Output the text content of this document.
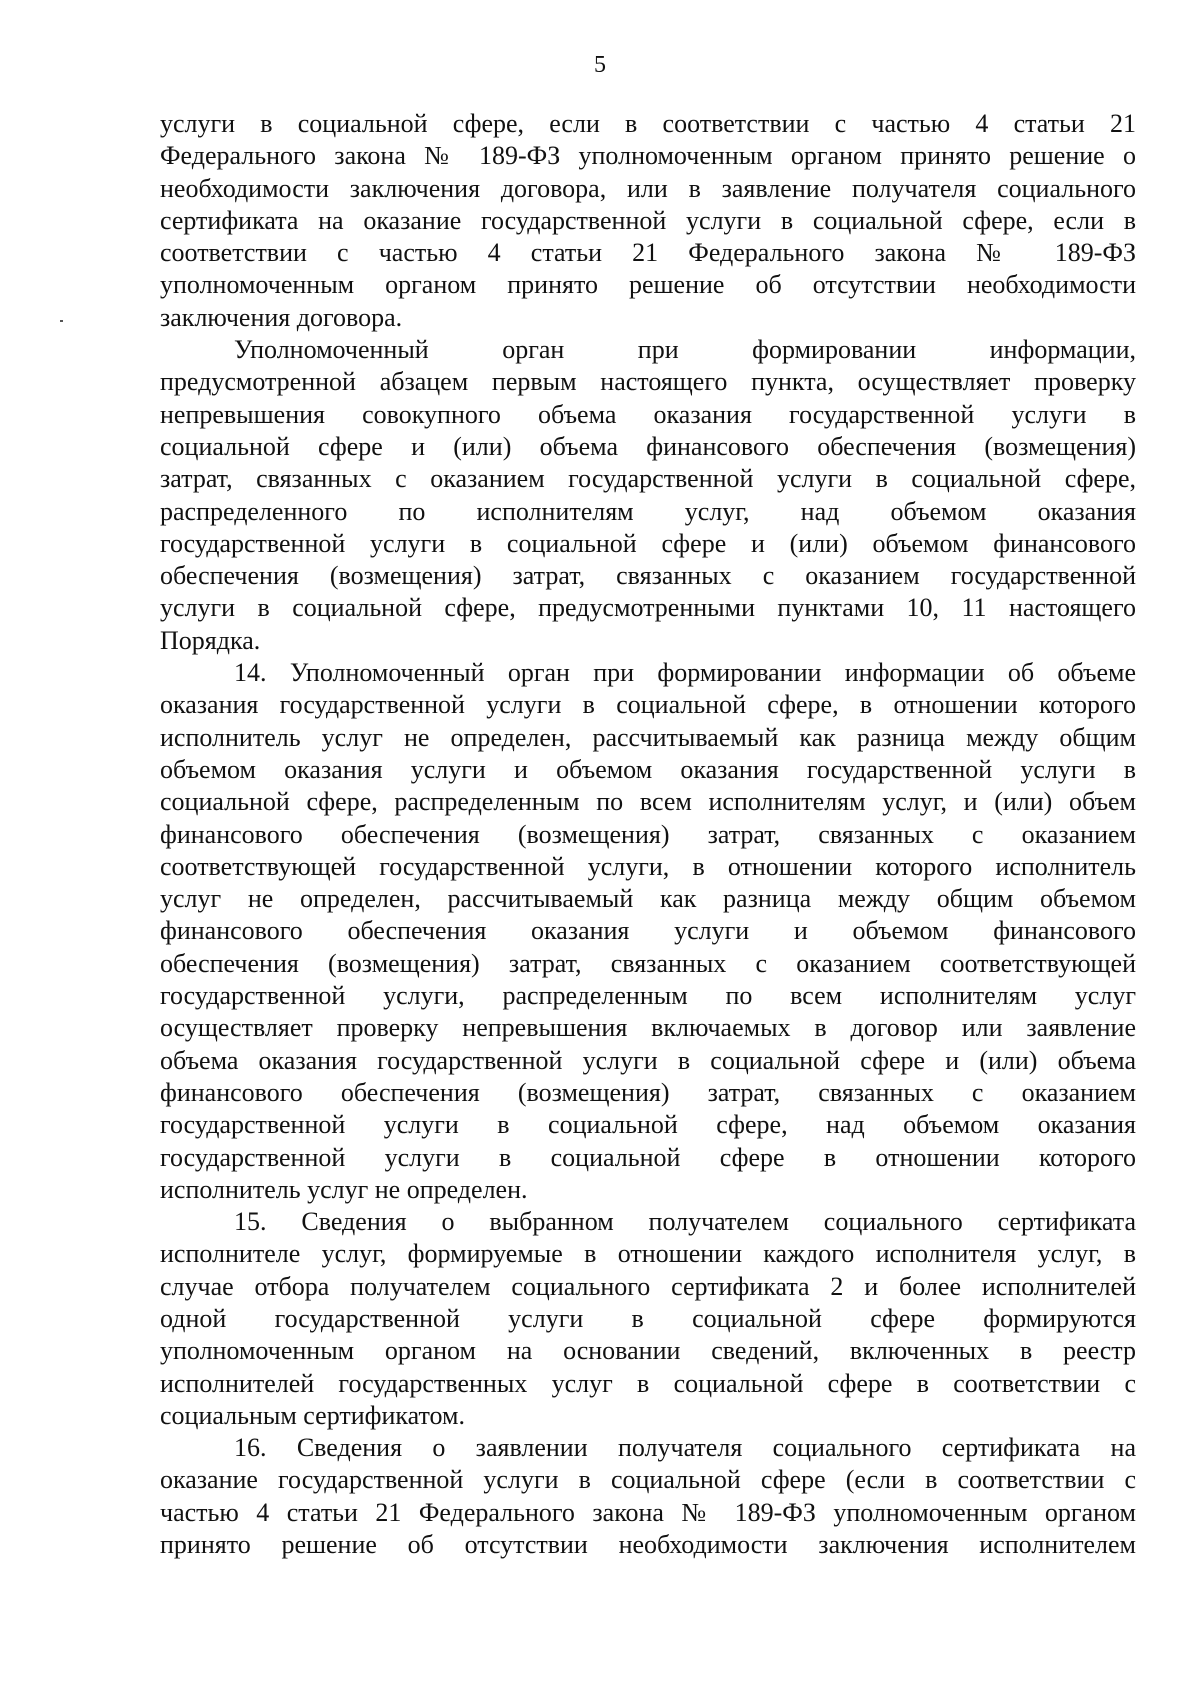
5
услуги в социальной сфере, если в соответствии с частью 4 статьи 21
Федерального закона № 189-ФЗ уполномоченным органом принято решение о
необходимости заключения договора, или в заявление получателя социального
сертификата на оказание государственной услуги в социальной сфере, если в
соответствии с частью 4 статьи 21 Федерального закона № 189-ФЗ
уполномоченным органом принято решение об отсутствии необходимости
заключения договора.
Уполномоченный орган при формировании информации,
предусмотренной абзацем первым настоящего пункта, осуществляет проверку
непревышения совокупного объема оказания государственной услуги в
социальной сфере и (или) объема финансового обеспечения (возмещения)
затрат, связанных с оказанием государственной услуги в социальной сфере,
распределенного по исполнителям услуг, над объемом оказания
государственной услуги в социальной сфере и (или) объемом финансового
обеспечения (возмещения) затрат, связанных с оказанием государственной
услуги в социальной сфере, предусмотренными пунктами 10, 11 настоящего
Порядка.
14. Уполномоченный орган при формировании информации об объеме
оказания государственной услуги в социальной сфере, в отношении которого
исполнитель услуг не определен, рассчитываемый как разница между общим
объемом оказания услуги и объемом оказания государственной услуги в
социальной сфере, распределенным по всем исполнителям услуг, и (или) объем
финансового обеспечения (возмещения) затрат, связанных с оказанием
соответствующей государственной услуги, в отношении которого исполнитель
услуг не определен, рассчитываемый как разница между общим объемом
финансового обеспечения оказания услуги и объемом финансового
обеспечения (возмещения) затрат, связанных с оказанием соответствующей
государственной услуги, распределенным по всем исполнителям услуг
осуществляет проверку непревышения включаемых в договор или заявление
объема оказания государственной услуги в социальной сфере и (или) объема
финансового обеспечения (возмещения) затрат, связанных с оказанием
государственной услуги в социальной сфере, над объемом оказания
государственной услуги в социальной сфере в отношении которого
исполнитель услуг не определен.
15. Сведения о выбранном получателем социального сертификата
исполнителе услуг, формируемые в отношении каждого исполнителя услуг, в
случае отбора получателем социального сертификата 2 и более исполнителей
одной государственной услуги в социальной сфере формируются
уполномоченным органом на основании сведений, включенных в реестр
исполнителей государственных услуг в социальной сфере в соответствии с
социальным сертификатом.
16. Сведения о заявлении получателя социального сертификата на
оказание государственной услуги в социальной сфере (если в соответствии с
частью 4 статьи 21 Федерального закона № 189-ФЗ уполномоченным органом
принято решение об отсутствии необходимости заключения исполнителем
